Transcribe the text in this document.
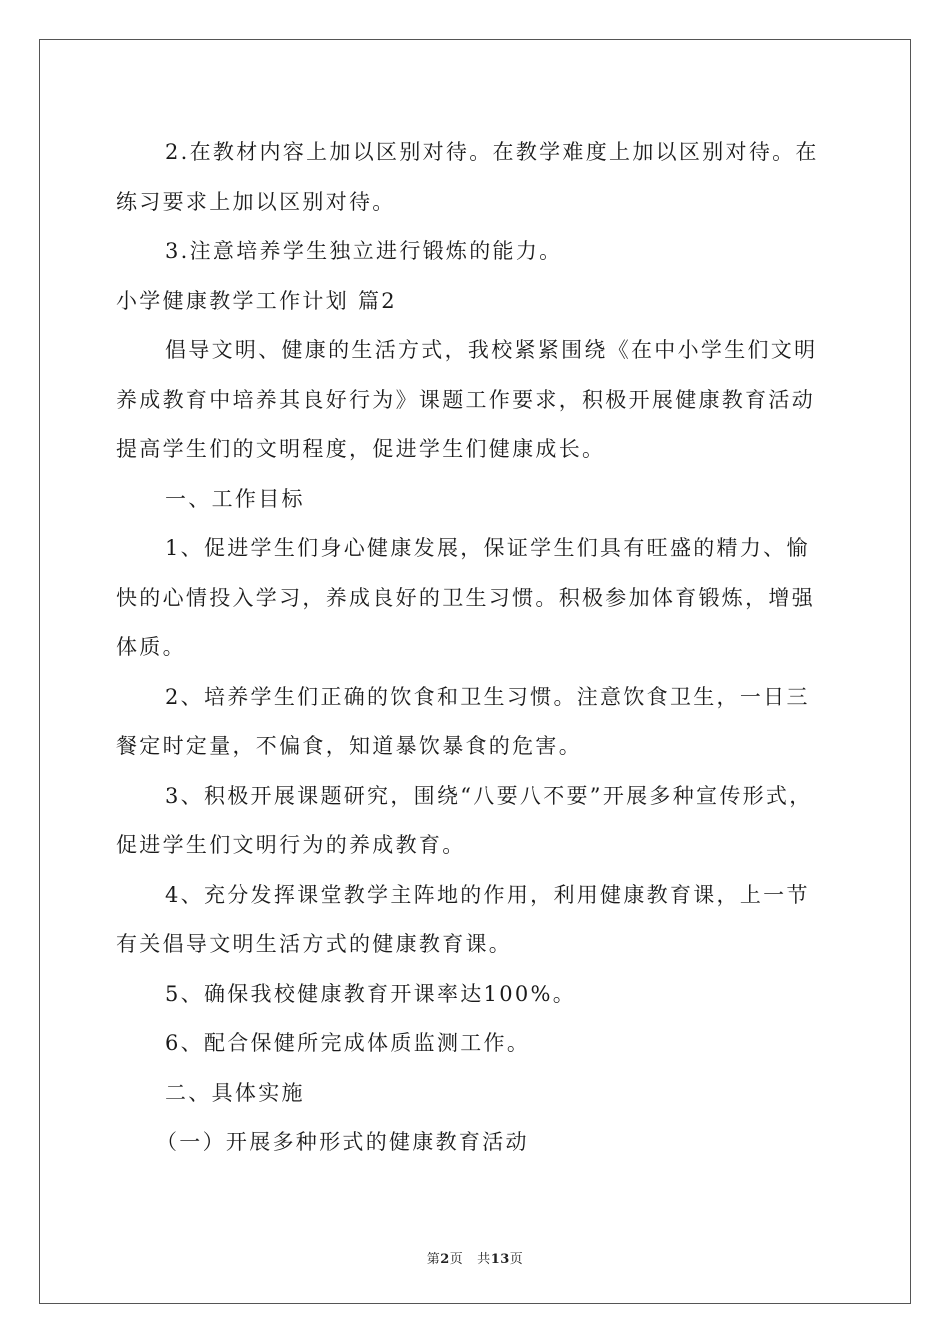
2.在教材内容上加以区别对待。在教学难度上加以区别对待。在

练习要求上加以区别对待。

3.注意培养学生独立进行锻炼的能力。

小学健康教学工作计划 篇2

倡导文明、健康的生活方式，我校紧紧围绕《在中小学生们文明

养成教育中培养其良好行为》课题工作要求，积极开展健康教育活动

提高学生们的文明程度，促进学生们健康成长。

一、工作目标

1、促进学生们身心健康发展，保证学生们具有旺盛的精力、愉

快的心情投入学习，养成良好的卫生习惯。积极参加体育锻炼，增强

体质。

2、培养学生们正确的饮食和卫生习惯。注意饮食卫生，一日三

餐定时定量，不偏食，知道暴饮暴食的危害。

3、积极开展课题研究，围绕“八要八不要”开展多种宣传形式，

促进学生们文明行为的养成教育。

4、充分发挥课堂教学主阵地的作用，利用健康教育课，上一节

有关倡导文明生活方式的健康教育课。

5、确保我校健康教育开课率达100%。

6、配合保健所完成体质监测工作。

二、具体实施

（一）开展多种形式的健康教育活动

第2页 共13页
